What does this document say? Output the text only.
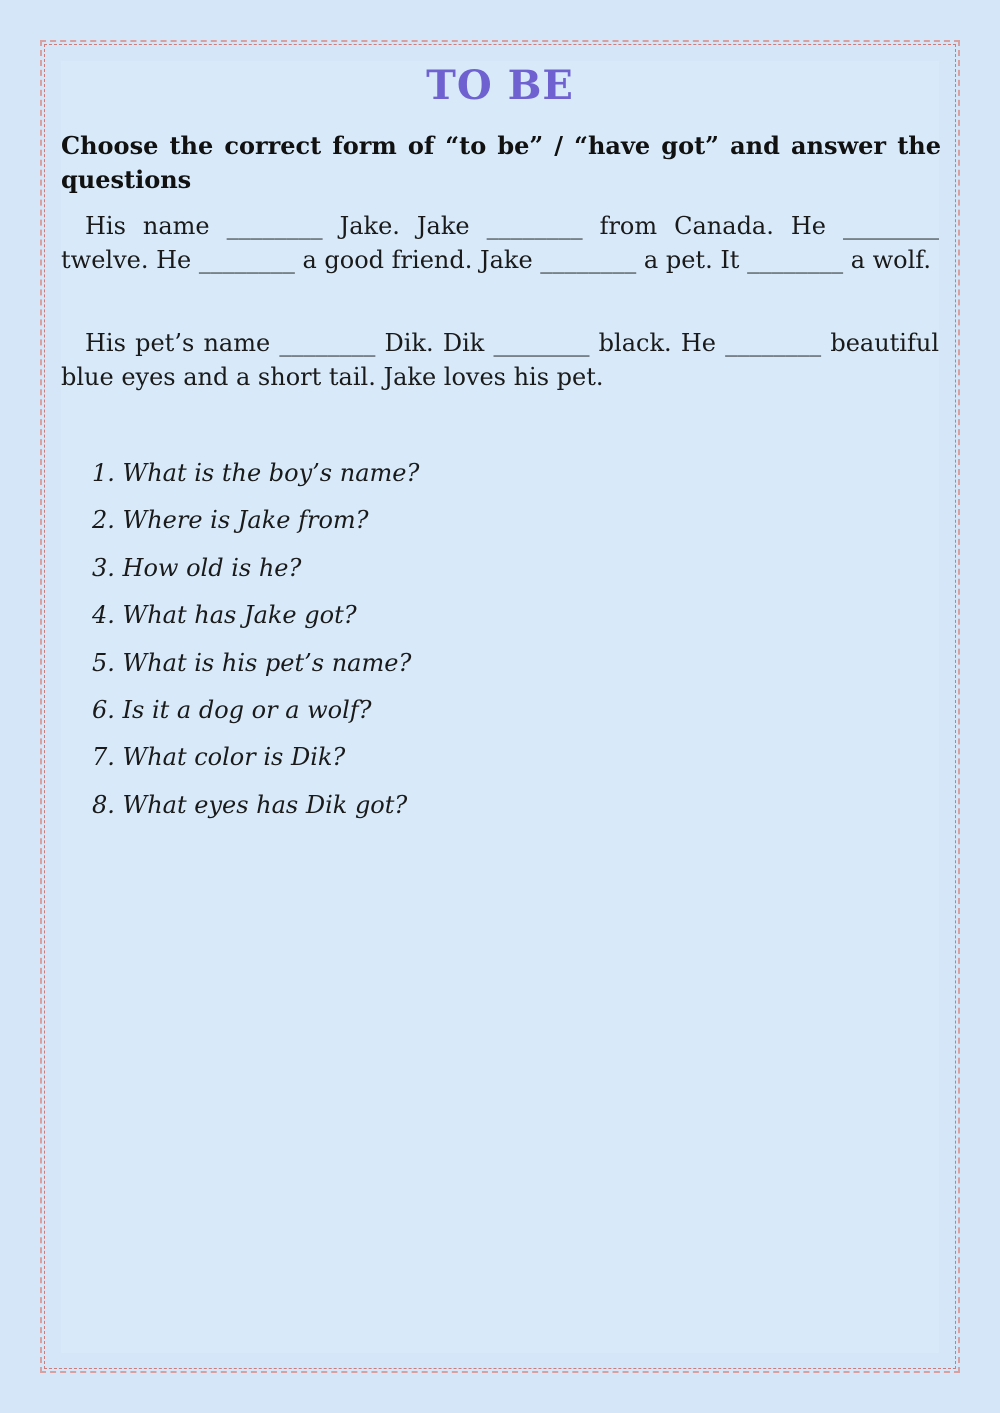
TO BE

Choose the correct form of “to be” / “have got” and answer the questions

His name ________ Jake. Jake ________ from Canada. He ________ twelve. He ________ a good friend. Jake ________ a pet. It ________ a wolf.

His pet’s name ________ Dik. Dik ________ black. He ________ beautiful blue eyes and a short tail. Jake loves his pet.

1. What is the boy’s name?
2. Where is Jake from?
3. How old is he?
4. What has Jake got?
5. What is his pet’s name?
6. Is it a dog or a wolf?
7. What color is Dik?
8. What eyes has Dik got?
